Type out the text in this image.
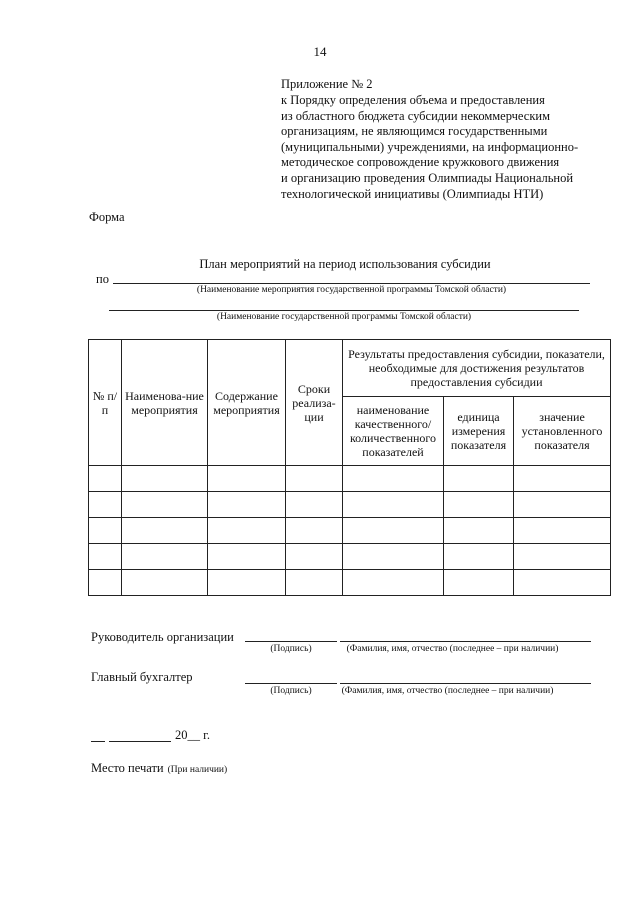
14
Приложение № 2
к Порядку определения объема и предоставления
из областного бюджета субсидии некоммерческим
организациям, не являющимся государственными
(муниципальными) учреждениями, на информационно-
методическое сопровождение кружкового движения
и организацию проведения Олимпиады Национальной
технологической инициативы (Олимпиады НТИ)
Форма
План мероприятий на период использования субсидии
по
(Наименование мероприятия государственной программы Томской области)
(Наименование государственной программы Томской области)
№ п/п	Наименова-ние мероприятия	Содержание мероприятия	Сроки реализа-ции	Результаты предоставления субсидии, показатели, необходимые для достижения результатов предоставления субсидии		
				наименование качественного/ количественного показателей	единица измерения показателя	значение установленного показателя

Руководитель организации
(Подпись)	(Фамилия, имя, отчество (последнее – при наличии)
Главный бухгалтер
(Подпись)	(Фамилия, имя, отчество (последнее – при наличии)
20__ г.
Место печати (При наличии)
